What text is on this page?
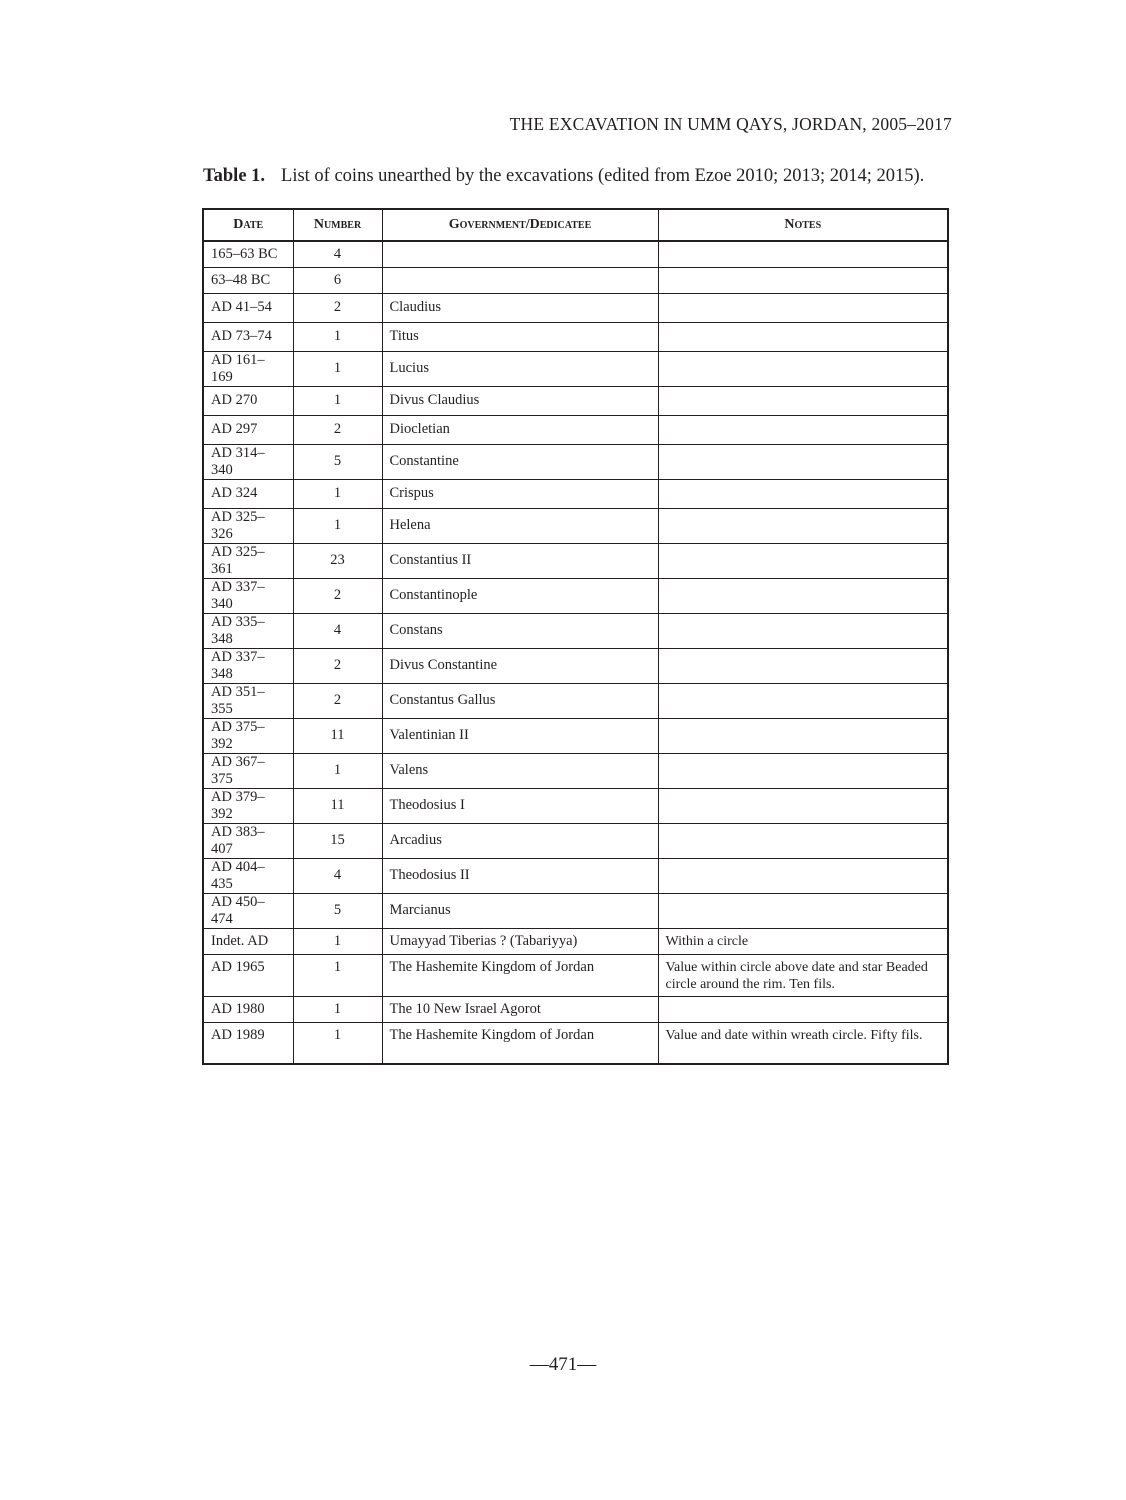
THE EXCAVATION IN UMM QAYS, JORDAN, 2005–2017
Table 1. List of coins unearthed by the excavations (edited from Ezoe 2010; 2013; 2014; 2015).
Date	Number	Government/Dedicatee	Notes
165–63 BC	4		
63–48 BC	6		
AD 41–54	2	Claudius	
AD 73–74	1	Titus	
AD 161–169	1	Lucius	
AD 270	1	Divus Claudius	
AD 297	2	Diocletian	
AD 314–340	5	Constantine	
AD 324	1	Crispus	
AD 325–326	1	Helena	
AD 325–361	23	Constantius II	
AD 337–340	2	Constantinople	
AD 335–348	4	Constans	
AD 337–348	2	Divus Constantine	
AD 351–355	2	Constantus Gallus	
AD 375–392	11	Valentinian II	
AD 367–375	1	Valens	
AD 379–392	11	Theodosius I	
AD 383–407	15	Arcadius	
AD 404–435	4	Theodosius II	
AD 450–474	5	Marcianus	
Indet. AD	1	Umayyad Tiberias ? (Tabariyya)	Within a circle
AD 1965	1	The Hashemite Kingdom of Jordan	Value within circle above date and star Beaded circle around the rim. Ten fils.
AD 1980	1	The 10 New Israel Agorot	
AD 1989	1	The Hashemite Kingdom of Jordan	Value and date within wreath circle. Fifty fils.
—471—
